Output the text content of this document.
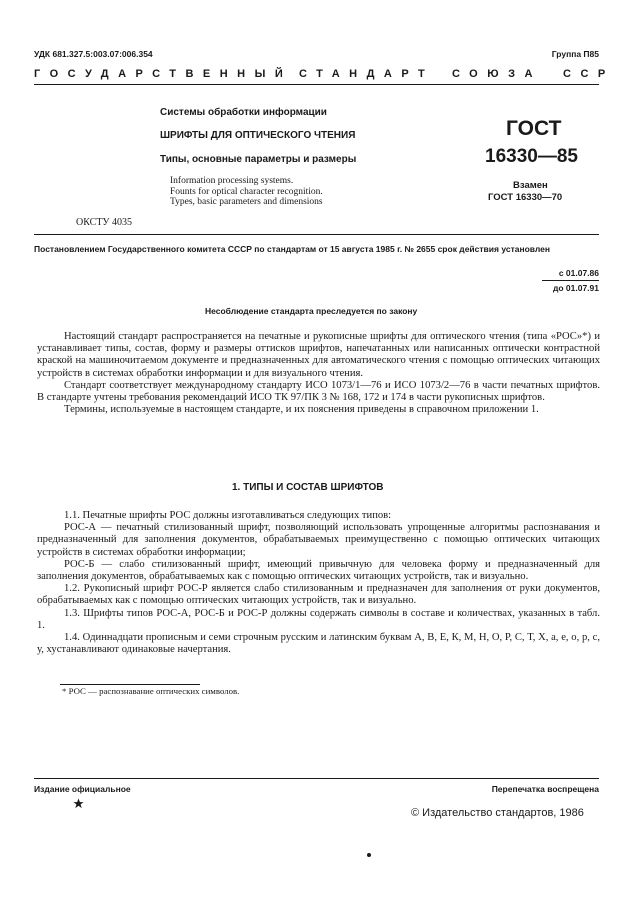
УДК 681.327.5:003.07:006.354	Группа П85
ГОСУДАРСТВЕННЫЙ СТАНДАРТ СОЮЗА ССР
Системы обработки информации
ШРИФТЫ ДЛЯ ОПТИЧЕСКОГО ЧТЕНИЯ
Типы, основные параметры и размеры
Information processing systems.
Founts for optical character recognition.
Types, basic parameters and dimensions
ГОСТ
16330—85
Взамен
ГОСТ 16330—70
ОКСТУ 4035
Постановлением Государственного комитета СССР по стандартам от 15 августа 1985 г. № 2655 срок действия установлен
с 01.07.86
до 01.07.91
Несоблюдение стандарта преследуется по закону

Настоящий стандарт распространяется на печатные и рукописные шрифты для оптического чтения (типа «РОС»*) и устанавливает типы, состав, форму и размеры оттисков шрифтов, напечатанных или написанных оптически контрастной краской на машиночитаемом документе и предназначенных для автоматического чтения с помощью оптических читающих устройств в системах обработки информации и для визуального чтения.

Стандарт соответствует международному стандарту ИСО 1073/1—76 и ИСО 1073/2—76 в части печатных шрифтов. В стандарте учтены требования рекомендаций ИСО ТК 97/ПК 3 № 168, 172 и 174 в части рукописных шрифтов.

Термины, используемые в настоящем стандарте, и их пояснения приведены в справочном приложении 1.

1. ТИПЫ И СОСТАВ ШРИФТОВ

1.1. Печатные шрифты РОС должны изготавливаться следующих типов:

РОС-А — печатный стилизованный шрифт, позволяющий использовать упрощенные алгоритмы распознавания и предназначенный для заполнения документов, обрабатываемых преимущественно с помощью оптических читающих устройств в системах обработки информации;

РОС-Б — слабо стилизованный шрифт, имеющий привычную для человека форму и предназначенный для заполнения документов, обрабатываемых как с помощью оптических читающих устройств, так и визуально.

1.2. Рукописный шрифт РОС-Р является слабо стилизованным и предназначен для заполнения от руки документов, обрабатываемых как с помощью оптических читающих устройств, так и визуально.

1.3. Шрифты типов РОС-А, РОС-Б и РОС-Р должны содержать символы в составе и количествах, указанных в табл. 1.

1.4. Одиннадцати прописным и семи строчным русским и латинским буквам А, В, Е, К, М, Н, О, Р, С, Т, Х, а, е, о, р, с, у, хустанавливают одинаковые начертания.

* РОС — распознавание оптических символов.
Издание официальное	Перепечатка воспрещена
© Издательство стандартов, 1986
